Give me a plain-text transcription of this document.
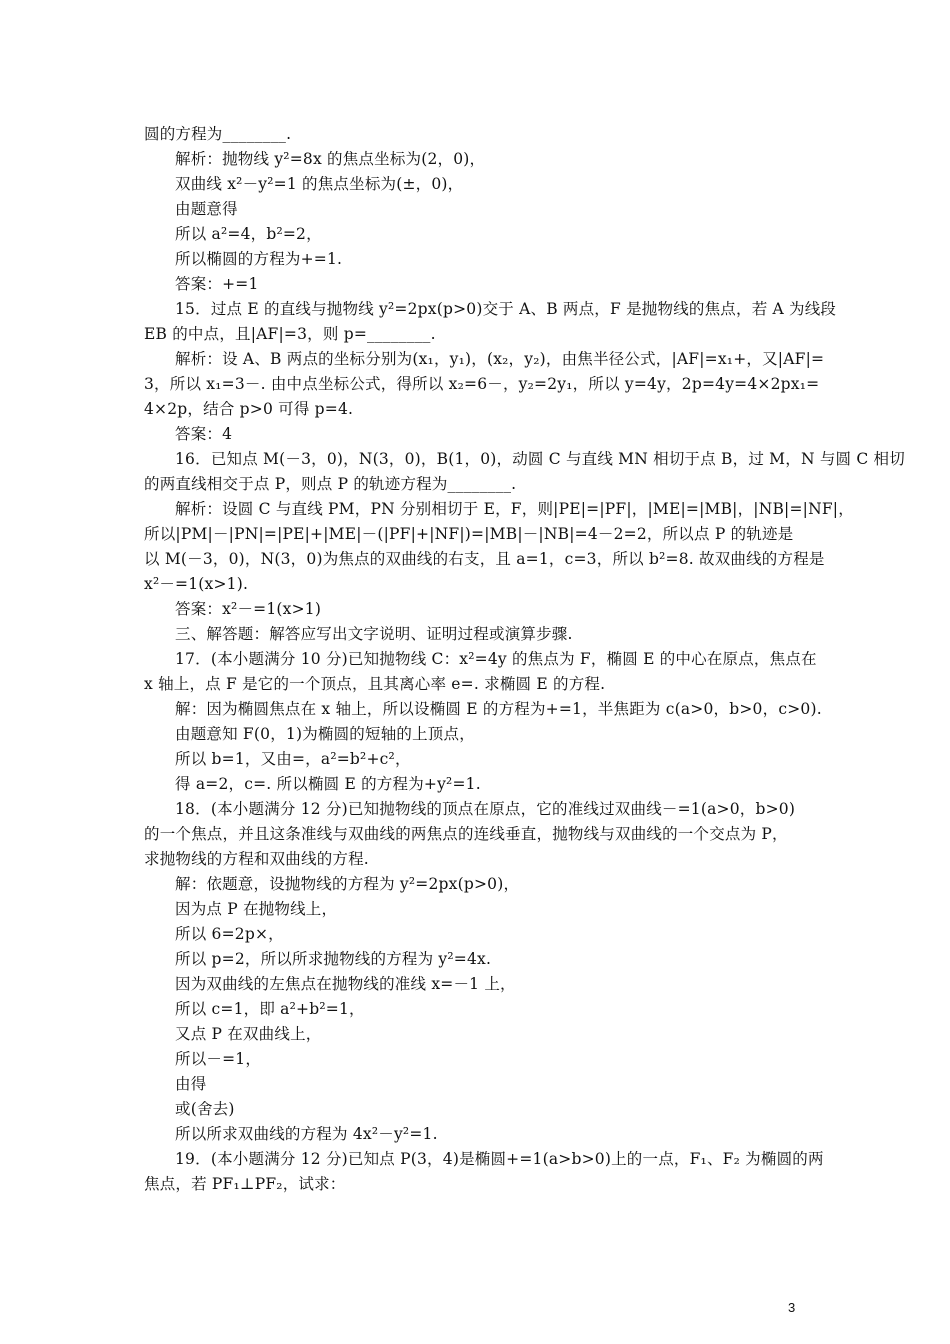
圆的方程为________.
解析：抛物线 y²=8x 的焦点坐标为(2，0)，
双曲线 x²－y²=1 的焦点坐标为(±，0)，
由题意得
所以 a²=4，b²=2，
所以椭圆的方程为+=1.
答案：+=1
15．过点 E 的直线与抛物线 y²=2px(p>0)交于 A、B 两点，F 是抛物线的焦点，若 A 为线段
EB 的中点，且|AF|=3，则 p=________.
解析：设 A、B 两点的坐标分别为(x₁，y₁)，(x₂，y₂)，由焦半径公式，|AF|=x₁+，又|AF|=
3，所以 x₁=3－. 由中点坐标公式，得所以 x₂=6－，y₂=2y₁，所以 y=4y，2p=4y=4×2px₁=
4×2p，结合 p>0 可得 p=4.
答案：4
16．已知点 M(－3，0)，N(3，0)，B(1，0)，动圆 C 与直线 MN 相切于点 B，过 M，N 与圆 C 相切
的两直线相交于点 P，则点 P 的轨迹方程为________.
解析：设圆 C 与直线 PM，PN 分别相切于 E，F，则|PE|=|PF|，|ME|=|MB|，|NB|=|NF|，
所以|PM|－|PN|=|PE|+|ME|－(|PF|+|NF|)=|MB|－|NB|=4－2=2，所以点 P 的轨迹是
以 M(－3，0)，N(3，0)为焦点的双曲线的右支，且 a=1，c=3，所以 b²=8. 故双曲线的方程是
x²－=1(x>1).
答案：x²－=1(x>1)
三、解答题：解答应写出文字说明、证明过程或演算步骤.
17．(本小题满分 10 分)已知抛物线 C：x²=4y 的焦点为 F，椭圆 E 的中心在原点，焦点在
x 轴上，点 F 是它的一个顶点，且其离心率 e=. 求椭圆 E 的方程.
解：因为椭圆焦点在 x 轴上，所以设椭圆 E 的方程为+=1，半焦距为 c(a>0，b>0，c>0).
由题意知 F(0，1)为椭圆的短轴的上顶点，
所以 b=1，又由=，a²=b²+c²，
得 a=2，c=. 所以椭圆 E 的方程为+y²=1.
18．(本小题满分 12 分)已知抛物线的顶点在原点，它的准线过双曲线－=1(a>0，b>0)
的一个焦点，并且这条准线与双曲线的两焦点的连线垂直，抛物线与双曲线的一个交点为 P，
求抛物线的方程和双曲线的方程.
解：依题意，设抛物线的方程为 y²=2px(p>0)，
因为点 P 在抛物线上，
所以 6=2p×，
所以 p=2，所以所求抛物线的方程为 y²=4x.
因为双曲线的左焦点在抛物线的准线 x=－1 上，
所以 c=1，即 a²+b²=1，
又点 P 在双曲线上，
所以－=1，
由得
或(舍去)
所以所求双曲线的方程为 4x²－y²=1.
19．(本小题满分 12 分)已知点 P(3，4)是椭圆+=1(a>b>0)上的一点，F₁、F₂ 为椭圆的两
焦点，若 PF₁⊥PF₂，试求：
3
